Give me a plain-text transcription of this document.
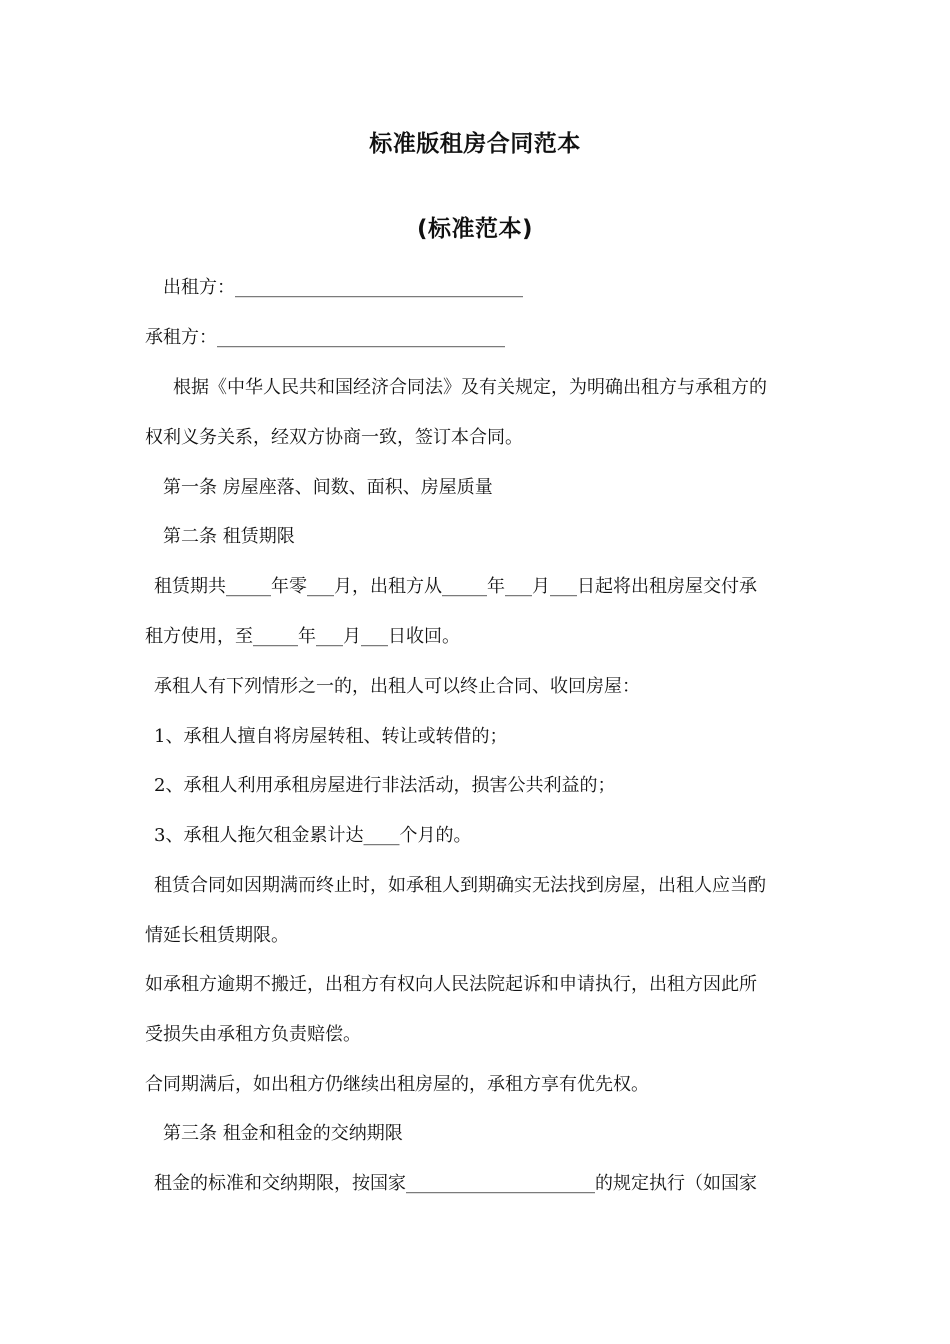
标准版租房合同范本
(标准范本)
出租方：________________________________
承租方：________________________________
根据《中华人民共和国经济合同法》及有关规定，为明确出租方与承租方的
权利义务关系，经双方协商一致，签订本合同。
第一条 房屋座落、间数、面积、房屋质量
第二条 租赁期限
租赁期共_____年零___月，出租方从_____年___月___日起将出租房屋交付承
租方使用，至_____年___月___日收回。
承租人有下列情形之一的，出租人可以终止合同、收回房屋：
1、承租人擅自将房屋转租、转让或转借的；
2、承租人利用承租房屋进行非法活动，损害公共利益的；
3、承租人拖欠租金累计达____个月的。
租赁合同如因期满而终止时，如承租人到期确实无法找到房屋，出租人应当酌
情延长租赁期限。
如承租方逾期不搬迁，出租方有权向人民法院起诉和申请执行，出租方因此所
受损失由承租方负责赔偿。
合同期满后，如出租方仍继续出租房屋的，承租方享有优先权。
第三条 租金和租金的交纳期限
租金的标准和交纳期限，按国家_____________________的规定执行（如国家
